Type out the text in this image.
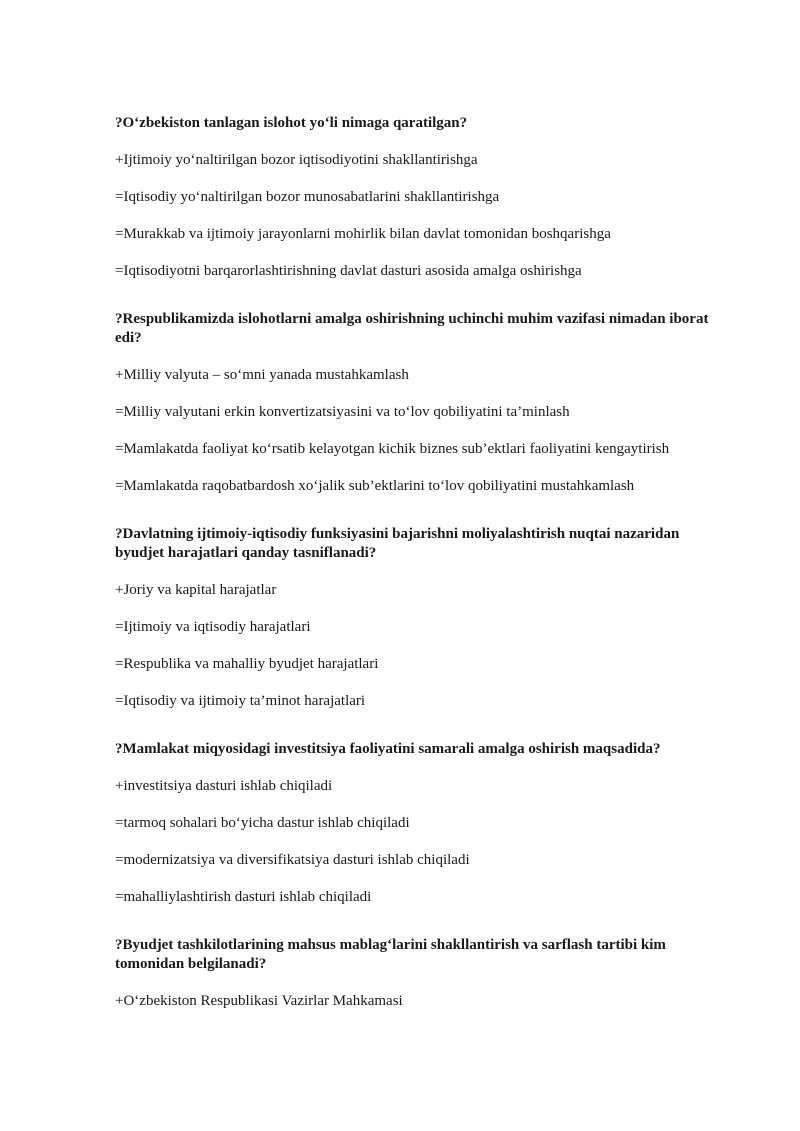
?O‘zbekiston tanlagan islohot yo‘li nimaga qaratilgan?
+Ijtimoiy yo‘naltirilgan bozor iqtisodiyotini shakllantirishga
=Iqtisodiy yo‘naltirilgan bozor munosabatlarini shakllantirishga
=Murakkab va ijtimoiy jarayonlarni mohirlik bilan davlat tomonidan boshqarishga
=Iqtisodiyotni barqarorlashtirishning davlat dasturi asosida amalga oshirishga
?Respublikamizda islohotlarni amalga oshirishning uchinchi muhim vazifasi nimadan iborat edi?
+Milliy valyuta – so‘mni yanada mustahkamlash
=Milliy valyutani erkin konvertizatsiyasini va to‘lov qobiliyatini ta’minlash
=Mamlakatda faoliyat ko‘rsatib kelayotgan kichik biznes sub’ektlari faoliyatini kengaytirish
=Mamlakatda raqobatbardosh xo‘jalik sub’ektlarini to‘lov qobiliyatini mustahkamlash
?Davlatning ijtimoiy-iqtisodiy funksiyasini bajarishni moliyalashtirish nuqtai nazaridan byudjet harajatlari qanday tasniflanadi?
+Joriy va kapital harajatlar
=Ijtimoiy va iqtisodiy harajatlari
=Respublika va mahalliy byudjet harajatlari
=Iqtisodiy va ijtimoiy ta’minot harajatlari
?Mamlakat miqyosidagi investitsiya faoliyatini samarali amalga oshirish maqsadida?
+investitsiya dasturi ishlab chiqiladi
=tarmoq sohalari bo‘yicha dastur ishlab chiqiladi
=modernizatsiya va diversifikatsiya dasturi ishlab chiqiladi
=mahalliylashtirish dasturi ishlab chiqiladi
?Byudjet tashkilotlarining mahsus mablag‘larini shakllantirish va sarflash tartibi kim tomonidan belgilanadi?
+O‘zbekiston Respublikasi Vazirlar Mahkamasi
